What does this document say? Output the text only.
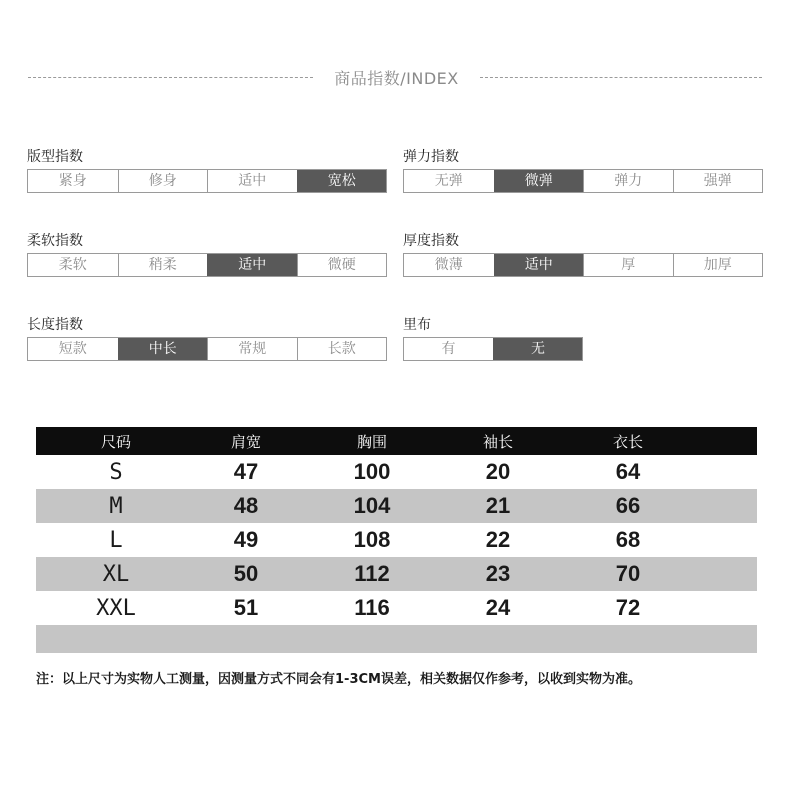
商品指数/INDEX
版型指数
紧身	修身	适中	宽松
弹力指数
无弹	微弹	弹力	强弹
柔软指数
柔软	稍柔	适中	微硬
厚度指数
微薄	适中	厚	加厚
长度指数
短款	中长	常规	长款
里布
有	无
尺码	肩宽	胸围	袖长	衣长
S	47	100	20	64
M	48	104	21	66
L	49	108	22	68
XL	50	112	23	70
XXL	51	116	24	72
注：以上尺寸为实物人工测量，因测量方式不同会有1-3CM误差，相关数据仅作参考，以收到实物为准。
